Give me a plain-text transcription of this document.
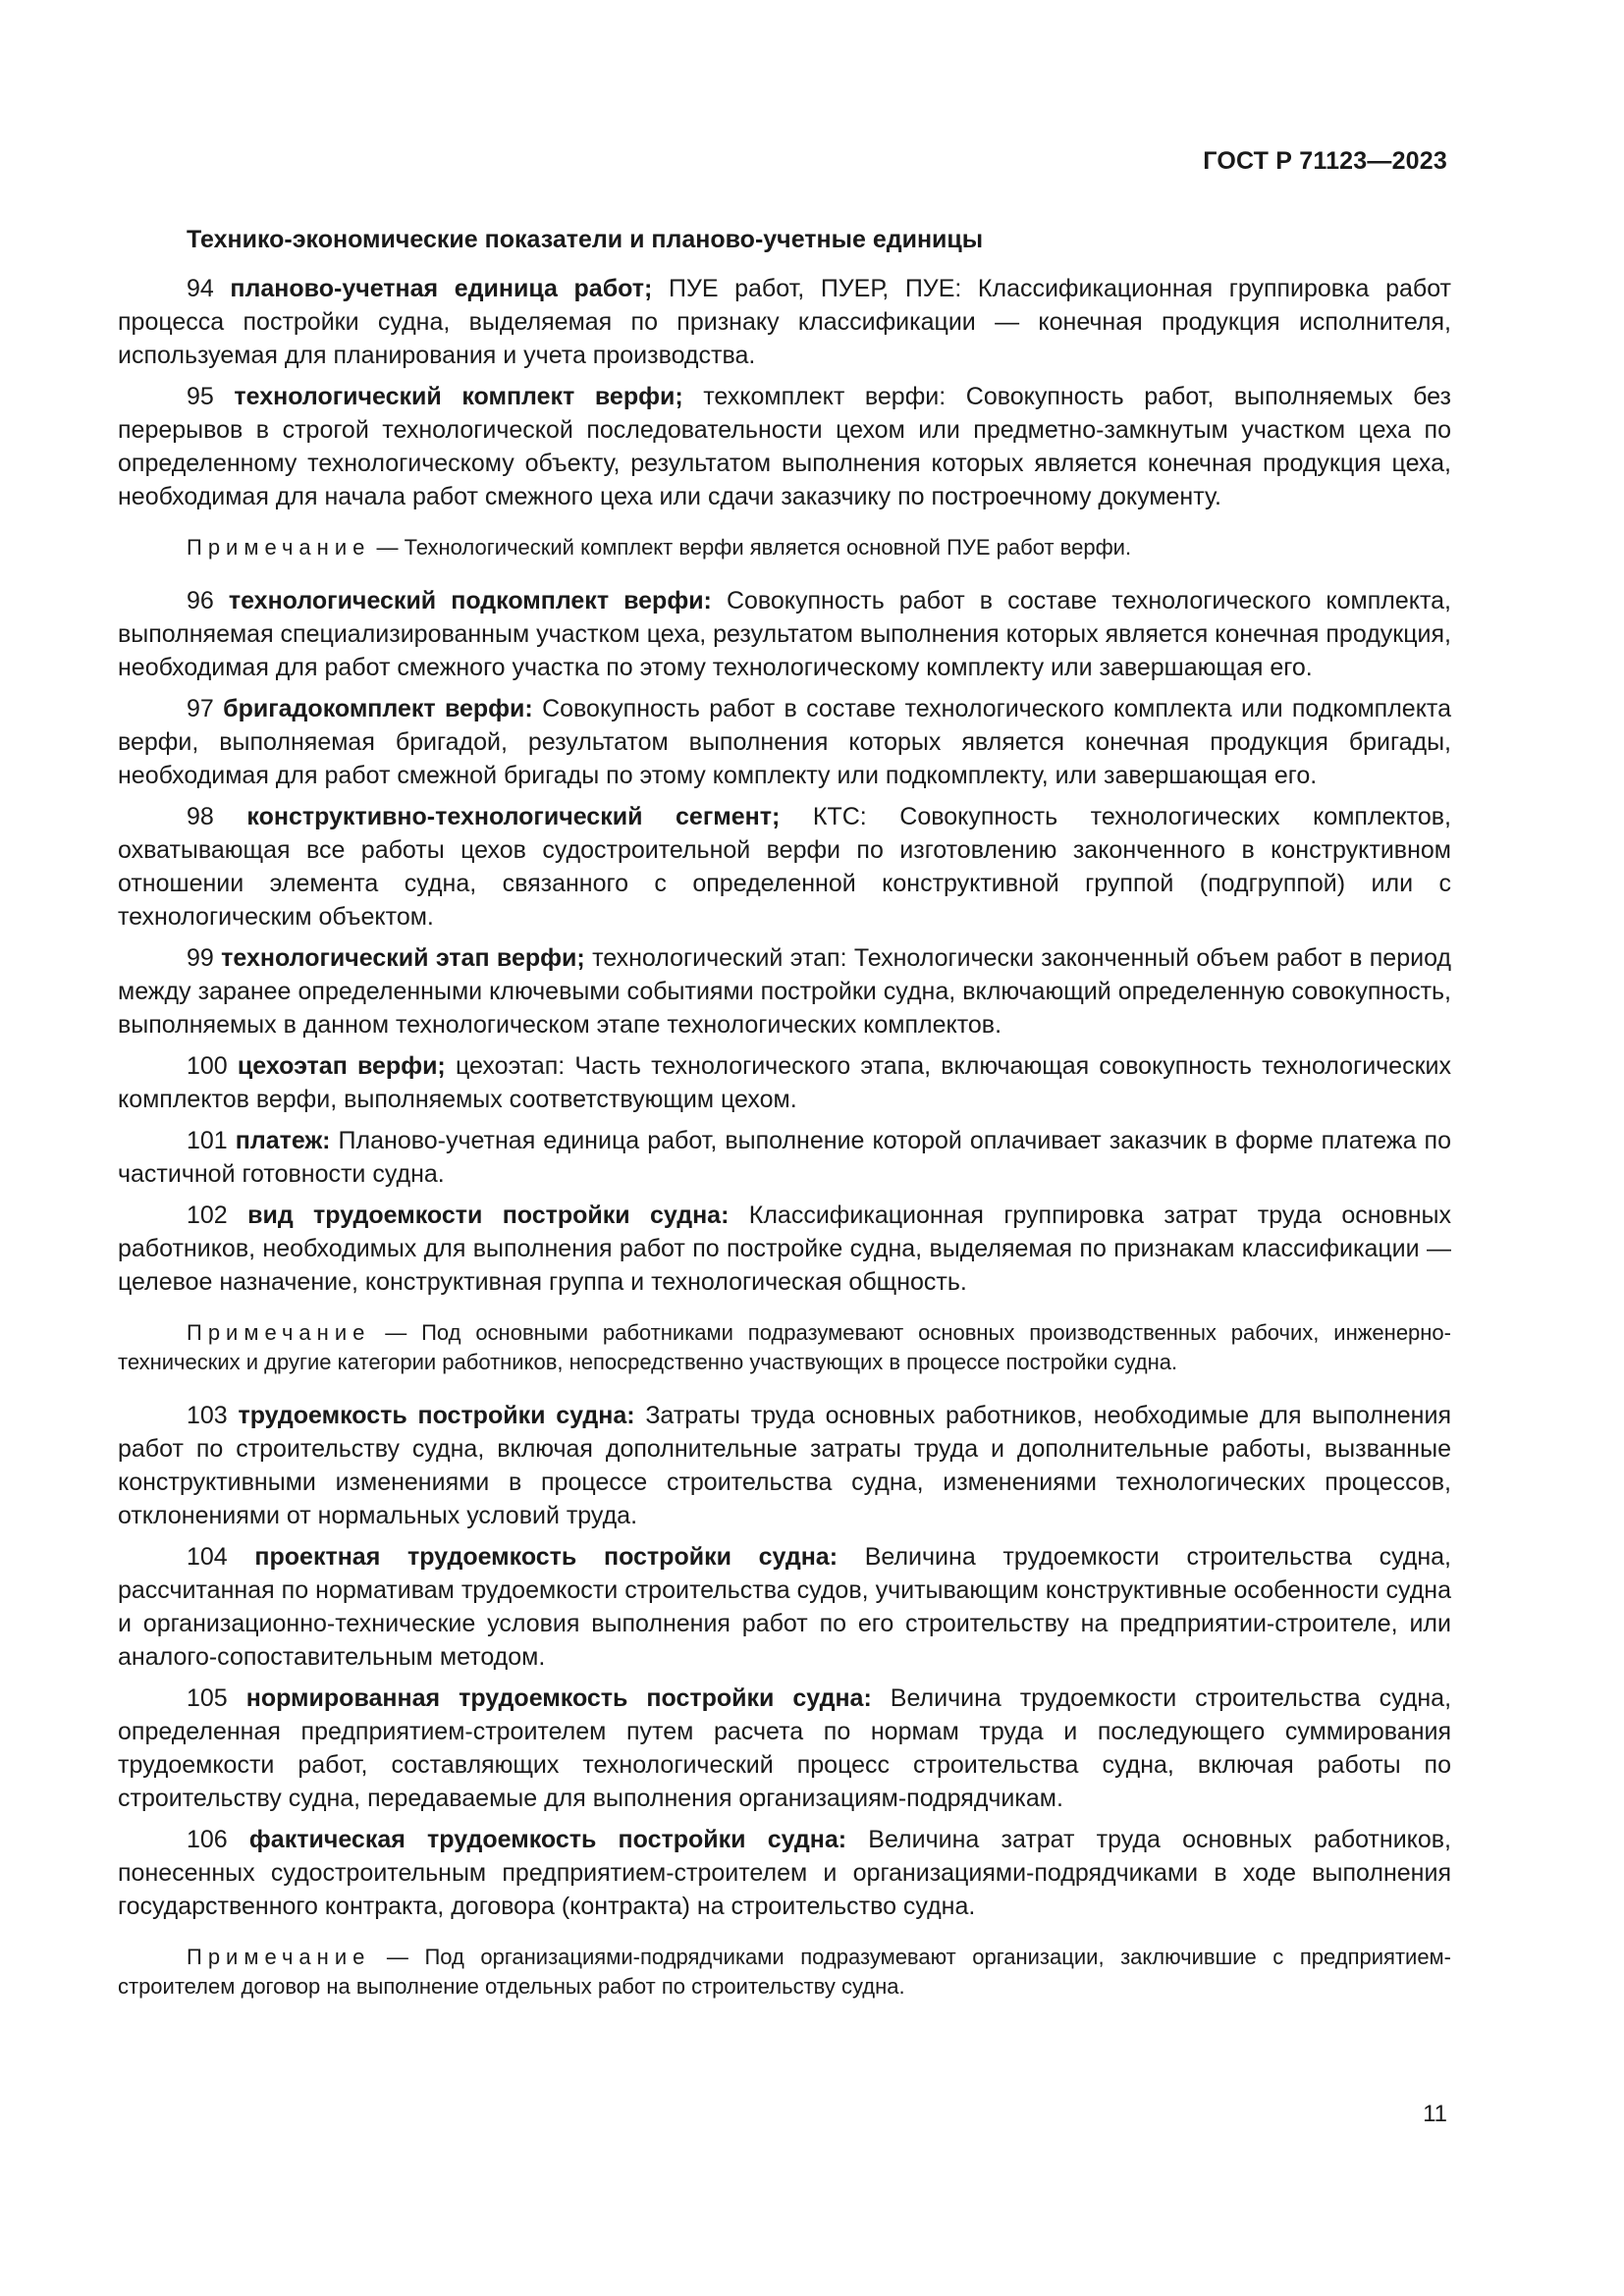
ГОСТ Р 71123—2023
Технико-экономические показатели и планово-учетные единицы

94 планово-учетная единица работ; ПУЕ работ, ПУЕР, ПУЕ: Классификационная группировка работ процесса постройки судна, выделяемая по признаку классификации — конечная продукция исполнителя, используемая для планирования и учета производства.

95 технологический комплект верфи; техкомплект верфи: Совокупность работ, выполняемых без перерывов в строгой технологической последовательности цехом или предметно-замкнутым участком цеха по определенному технологическому объекту, результатом выполнения которых является конечная продукция цеха, необходимая для начала работ смежного цеха или сдачи заказчику по построечному документу.

Примечание — Технологический комплект верфи является основной ПУЕ работ верфи.

96 технологический подкомплект верфи: Совокупность работ в составе технологического комплекта, выполняемая специализированным участком цеха, результатом выполнения которых является конечная продукция, необходимая для работ смежного участка по этому технологическому комплекту или завершающая его.

97 бригадокомплект верфи: Совокупность работ в составе технологического комплекта или подкомплекта верфи, выполняемая бригадой, результатом выполнения которых является конечная продукция бригады, необходимая для работ смежной бригады по этому комплекту или подкомплекту, или завершающая его.

98 конструктивно-технологический сегмент; КТС: Совокупность технологических комплектов, охватывающая все работы цехов судостроительной верфи по изготовлению законченного в конструктивном отношении элемента судна, связанного с определенной конструктивной группой (подгруппой) или с технологическим объектом.

99 технологический этап верфи; технологический этап: Технологически законченный объем работ в период между заранее определенными ключевыми событиями постройки судна, включающий определенную совокупность, выполняемых в данном технологическом этапе технологических комплектов.

100 цехоэтап верфи; цехоэтап: Часть технологического этапа, включающая совокупность технологических комплектов верфи, выполняемых соответствующим цехом.

101 платеж: Планово-учетная единица работ, выполнение которой оплачивает заказчик в форме платежа по частичной готовности судна.

102 вид трудоемкости постройки судна: Классификационная группировка затрат труда основных работников, необходимых для выполнения работ по постройке судна, выделяемая по признакам классификации — целевое назначение, конструктивная группа и технологическая общность.

Примечание — Под основными работниками подразумевают основных производственных рабочих, инженерно-технических и другие категории работников, непосредственно участвующих в процессе постройки судна.

103 трудоемкость постройки судна: Затраты труда основных работников, необходимые для выполнения работ по строительству судна, включая дополнительные затраты труда и дополнительные работы, вызванные конструктивными изменениями в процессе строительства судна, изменениями технологических процессов, отклонениями от нормальных условий труда.

104 проектная трудоемкость постройки судна: Величина трудоемкости строительства судна, рассчитанная по нормативам трудоемкости строительства судов, учитывающим конструктивные особенности судна и организационно-технические условия выполнения работ по его строительству на предприятии-строителе, или аналого-сопоставительным методом.

105 нормированная трудоемкость постройки судна: Величина трудоемкости строительства судна, определенная предприятием-строителем путем расчета по нормам труда и последующего суммирования трудоемкости работ, составляющих технологический процесс строительства судна, включая работы по строительству судна, передаваемые для выполнения организациям-подрядчикам.

106 фактическая трудоемкость постройки судна: Величина затрат труда основных работников, понесенных судостроительным предприятием-строителем и организациями-подрядчиками в ходе выполнения государственного контракта, договора (контракта) на строительство судна.

Примечание — Под организациями-подрядчиками подразумевают организации, заключившие с предприятием-строителем договор на выполнение отдельных работ по строительству судна.

11
